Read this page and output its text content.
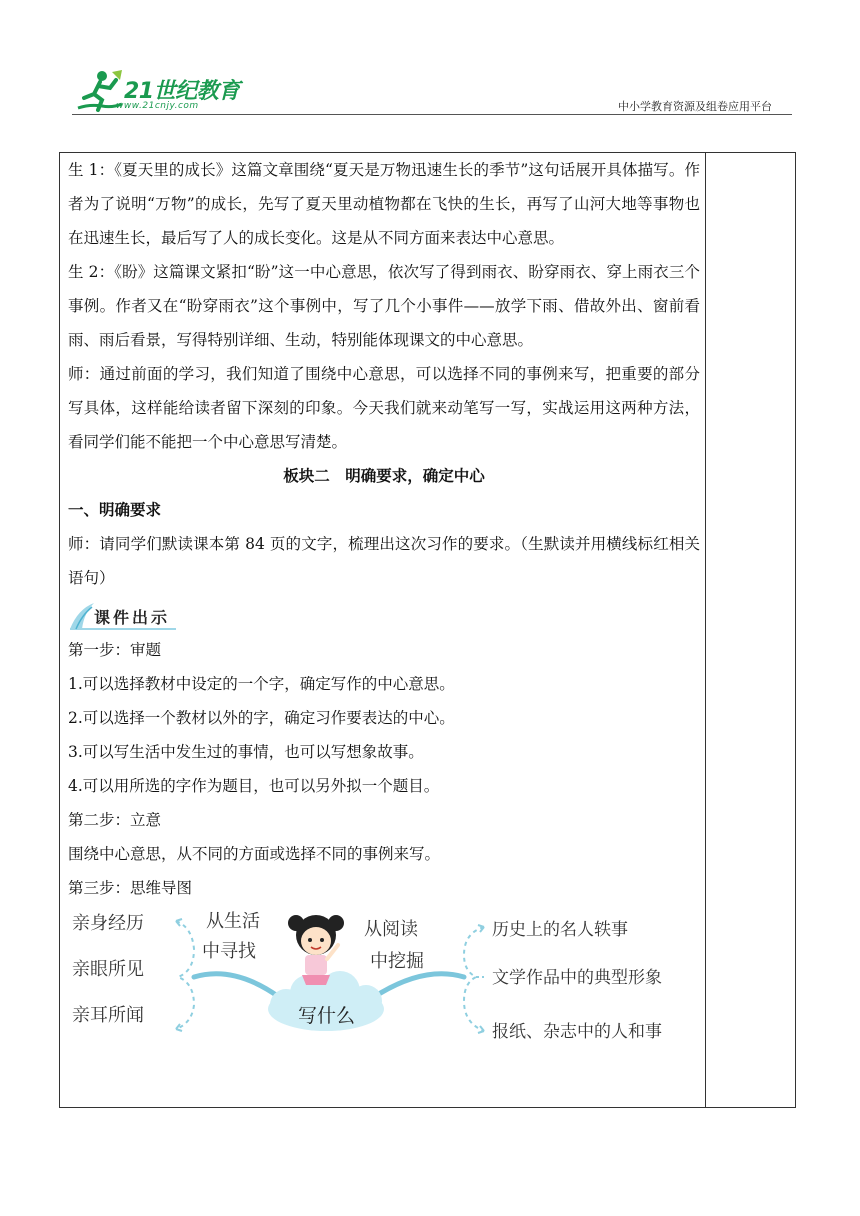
21世纪教育
www.21cnjy.com	中小学教育资源及组卷应用平台

生 1：《夏天里的成长》这篇文章围绕“夏天是万物迅速生长的季节”这句话展开具体描写。作者为了说明“万物”的成长，先写了夏天里动植物都在飞快的生长，再写了山河大地等事物也在迅速生长，最后写了人的成长变化。这是从不同方面来表达中心意思。

生 2：《盼》这篇课文紧扣“盼”这一中心意思，依次写了得到雨衣、盼穿雨衣、穿上雨衣三个事例。作者又在“盼穿雨衣”这个事例中，写了几个小事件——放学下雨、借故外出、窗前看雨、雨后看景，写得特别详细、生动，特别能体现课文的中心意思。

师：通过前面的学习，我们知道了围绕中心意思，可以选择不同的事例来写，把重要的部分写具体，这样能给读者留下深刻的印象。今天我们就来动笔写一写，实战运用这两种方法，看同学们能不能把一个中心意思写清楚。

板块二　明确要求，确定中心

一、明确要求

师：请同学们默读课本第 84 页的文字，梳理出这次习作的要求。（生默读并用横线标红相关语句）

课件出示

第一步：审题

1.可以选择教材中设定的一个字，确定写作的中心意思。

2.可以选择一个教材以外的字，确定习作要表达的中心。

3.可以写生活中发生过的事情，也可以写想象故事。

4.可以用所选的字作为题目，也可以另外拟一个题目。

第二步：立意

围绕中心意思，从不同的方面或选择不同的事例来写。

第三步：思维导图

亲身经历
亲眼所见
亲耳所闻
从生活
中寻找
从阅读
中挖掘
写什么
历史上的名人轶事
文学作品中的典型形象
报纸、杂志中的人和事
